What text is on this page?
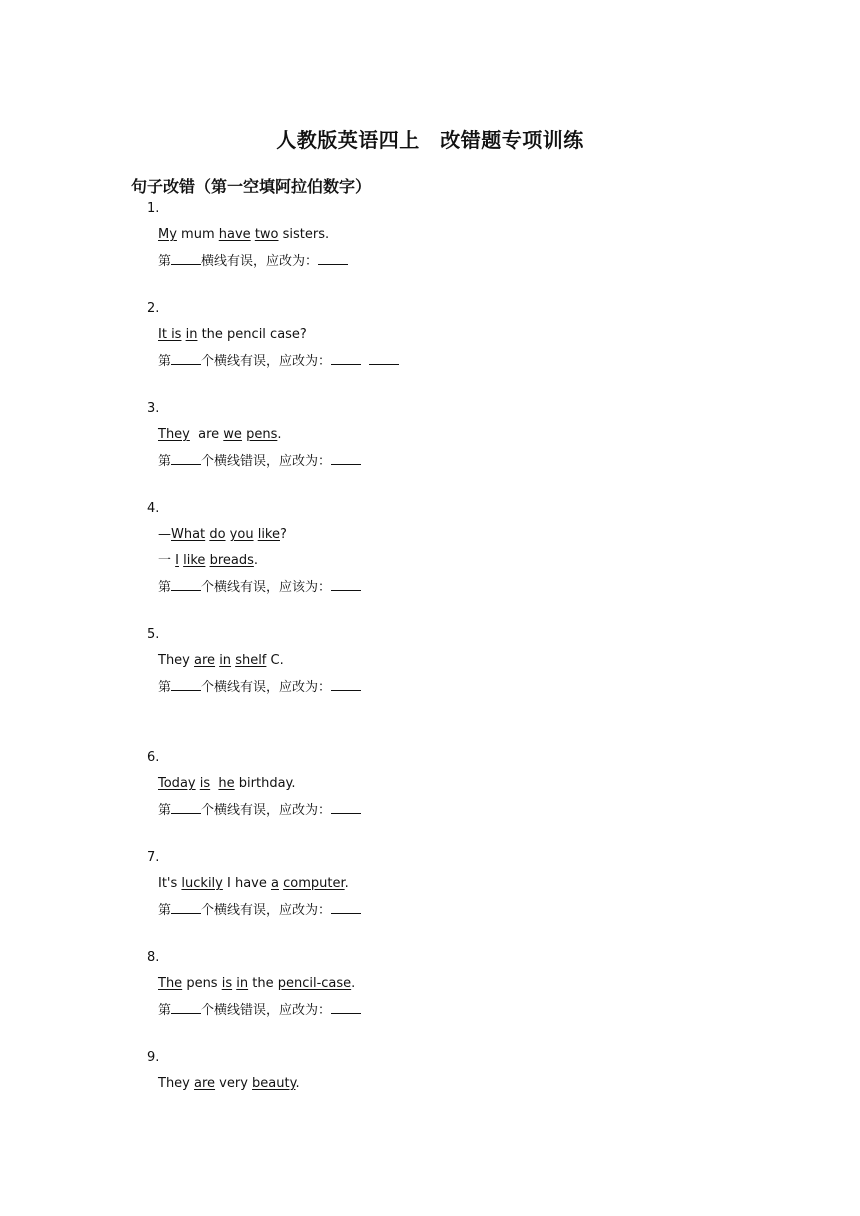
人教版英语四上　改错题专项训练
句子改错（第一空填阿拉伯数字）
1.
My mum have two sisters.
第 横线有误，应改为：
2.
It is in the pencil case?
第 个横线有误，应改为：
3.
They  are we pens.
第 个横线错误，应改为：
4.
—What do you like?
一 I like breads.
第 个横线有误，应该为：
5.
They are in shelf C.
第 个横线有误，应改为：
6.
Today is he birthday.
第 个横线有误，应改为：
7.
It's luckily I have a computer.
第 个横线有误，应改为：
8.
The pens is in the pencil-case.
第 个横线错误，应改为：
9.
They are very beauty.
